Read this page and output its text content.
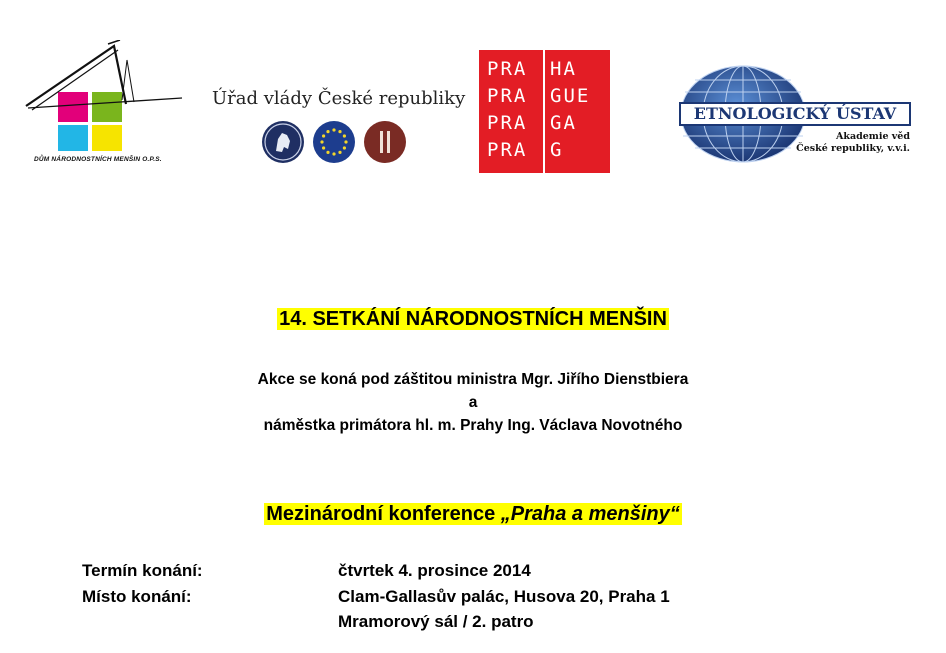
DŮM NÁRODNOSTNÍCH MENŠIN O.P.S.
Úřad vlády České republiky
PRA HA
PRA GUE
PRA GA
PRA G
ETNOLOGICKÝ ÚSTAV
Akademie věd
České republiky, v.v.i.
14. SETKÁNÍ NÁRODNOSTNÍCH MENŠIN
Akce se koná pod záštitou ministra Mgr. Jiřího Dienstbiera
a
náměstka primátora hl. m. Prahy Ing. Václava Novotného
Mezinárodní konference „Praha a menšiny“
Termín konání:	čtvrtek 4. prosince 2014
Místo konání:	Clam-Gallasův palác, Husova 20, Praha 1
Mramorový sál / 2. patro
